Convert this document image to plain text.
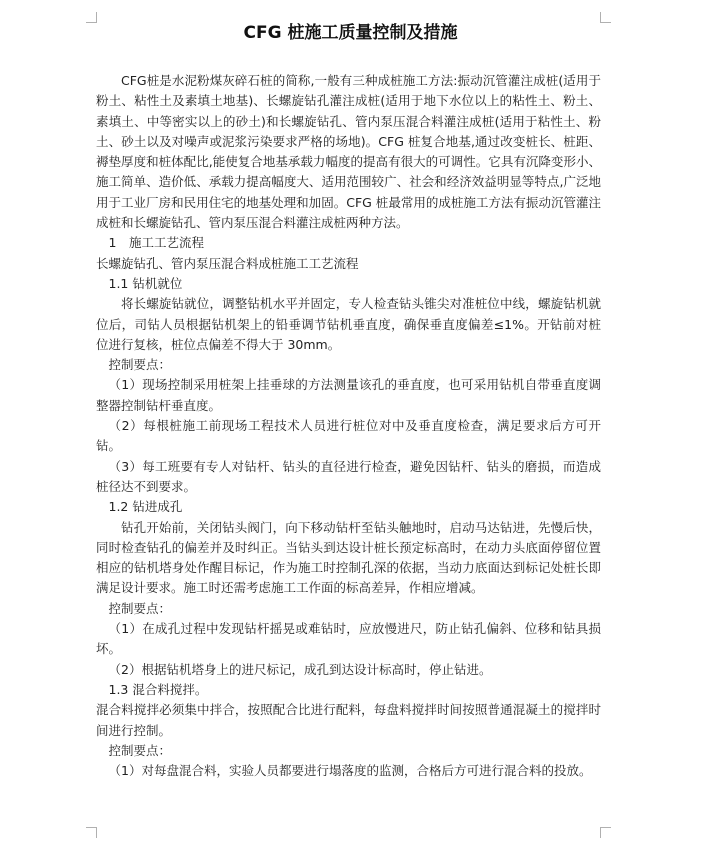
CFG 桩施工质量控制及措施

CFG桩是水泥粉煤灰碎石桩的简称,一般有三种成桩施工方法:振动沉管灌注成桩(适用于粉土、粘性土及素填土地基)、长螺旋钻孔灌注成桩(适用于地下水位以上的粘性土、粉土、素填土、中等密实以上的砂土)和长螺旋钻孔、管内泵压混合料灌注成桩(适用于粘性土、粉土、砂土以及对噪声或泥浆污染要求严格的场地)。CFG 桩复合地基,通过改变桩长、桩距、褥垫厚度和桩体配比,能使复合地基承载力幅度的提高有很大的可调性。它具有沉降变形小、施工简单、造价低、承载力提高幅度大、适用范围较广、社会和经济效益明显等特点,广泛地用于工业厂房和民用住宅的地基处理和加固。CFG 桩最常用的成桩施工方法有振动沉管灌注成桩和长螺旋钻孔、管内泵压混合料灌注成桩两种方法。

1　施工工艺流程

长螺旋钻孔、管内泵压混合料成桩施工工艺流程

1.1 钻机就位

将长螺旋钻就位，调整钻机水平并固定，专人检查钻头锥尖对准桩位中线，螺旋钻机就位后，司钻人员根据钻机架上的铅垂调节钻机垂直度，确保垂直度偏差≤1%。开钻前对桩位进行复核，桩位点偏差不得大于 30mm。

控制要点：

（1）现场控制采用桩架上挂垂球的方法测量该孔的垂直度，也可采用钻机自带垂直度调整器控制钻杆垂直度。

（2）每根桩施工前现场工程技术人员进行桩位对中及垂直度检查，满足要求后方可开钻。

（3）每工班要有专人对钻杆、钻头的直径进行检查，避免因钻杆、钻头的磨损，而造成桩径达不到要求。

1.2 钻进成孔

钻孔开始前，关闭钻头阀门，向下移动钻杆至钻头触地时，启动马达钻进，先慢后快，同时检查钻孔的偏差并及时纠正。当钻头到达设计桩长预定标高时，在动力头底面停留位置相应的钻机塔身处作醒目标记，作为施工时控制孔深的依据，当动力底面达到标记处桩长即满足设计要求。施工时还需考虑施工工作面的标高差异，作相应增减。

控制要点：

（1）在成孔过程中发现钻杆摇晃或难钻时，应放慢进尺，防止钻孔偏斜、位移和钻具损坏。

（2）根据钻机塔身上的进尺标记，成孔到达设计标高时，停止钻进。

1.3 混合料搅拌。

混合料搅拌必须集中拌合，按照配合比进行配料，每盘料搅拌时间按照普通混凝土的搅拌时间进行控制。

控制要点：

（1）对每盘混合料，实验人员都要进行塌落度的监测，合格后方可进行混合料的投放。
